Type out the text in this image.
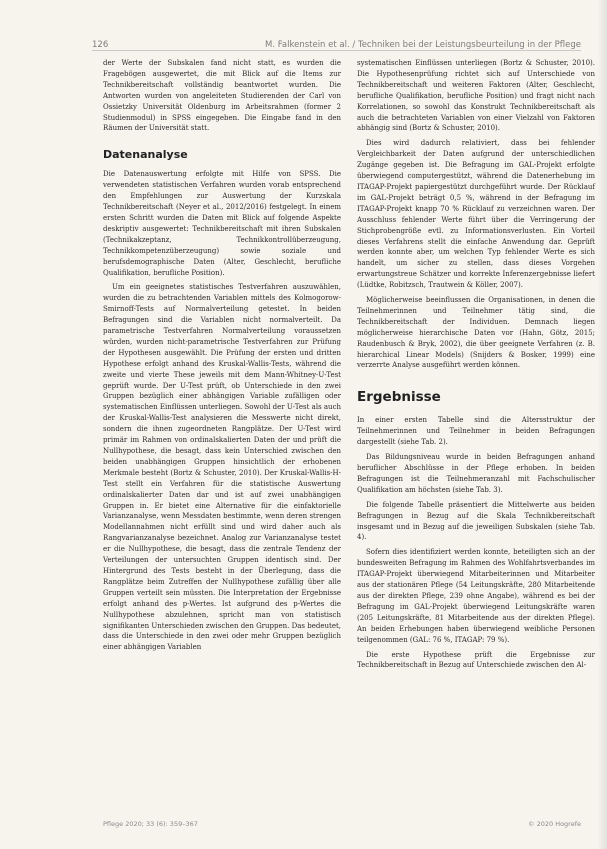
126	M. Falkenstein et al. / Techniken bei der Leistungsbeurteilung in der Pflege

der Werte der Subskalen fand nicht statt, es wurden die Fragebögen ausgewertet, die mit Blick auf die Items zur Technikbereitschaft vollständig beantwortet wurden. Die Antworten wurden von angeleiteten Studierenden der Carl von Ossietzky Universität Oldenburg im Arbeitsrahmen (former 2 Studienmodul) in SPSS eingegeben. Die Eingabe fand in den Räumen der Universität statt.

Datenanalyse

Die Datenauswertung erfolgte mit Hilfe von SPSS. Die verwendeten statistischen Verfahren wurden vorab entsprechend den Empfehlungen zur Auswertung der Kurzskala Technikbereitschaft (Neyer et al., 2012/2016) festgelegt. In einem ersten Schritt wurden die Daten mit Blick auf folgende Aspekte deskriptiv ausgewertet: Technikbereitschaft mit ihren Subskalen (Technikakzeptanz, Technikkontrollüberzeugung, Technikkompetenzüberzeugung) sowie soziale und berufsdemographische Daten (Alter, Geschlecht, berufliche Qualifikation, berufliche Position).

Um ein geeignetes statistisches Testverfahren auszuwählen, wurden die zu betrachtenden Variablen mittels des Kolmogorow-Smirnoff-Tests auf Normalverteilung getestet. In beiden Befragungen sind die Variablen nicht normalverteilt. Da parametrische Testverfahren Normalverteilung voraussetzen würden, wurden nicht-parametrische Testverfahren zur Prüfung der Hypothesen ausgewählt. Die Prüfung der ersten und dritten Hypothese erfolgt anhand des Kruskal-Wallis-Tests, während die zweite und vierte These jeweils mit dem Mann-Whitney-U-Test geprüft wurde. Der U-Test prüft, ob Unterschiede in den zwei Gruppen bezüglich einer abhängigen Variable zufälligen oder systematischen Einflüssen unterliegen. Sowohl der U-Test als auch der Kruskal-Wallis-Test analysieren die Messwerte nicht direkt, sondern die ihnen zugeordneten Rangplätze. Der U-Test wird primär im Rahmen von ordinalskalierten Daten der und prüft die Nullhypothese, die besagt, dass kein Unterschied zwischen den beiden unabhängigen Gruppen hinsichtlich der erhobenen Merkmale besteht (Bortz & Schuster, 2010). Der Kruskal-Wallis-H-Test stellt ein Verfahren für die statistische Auswertung ordinalskalierter Daten dar und ist auf zwei unabhängigen Gruppen in. Er bietet eine Alternative für die einfaktorielle Varianzanalyse, wenn Messdaten bestimmte, wenn deren strengen Modellannahmen nicht erfüllt sind und wird daher auch als Rangvarianzanalyse bezeichnet. Analog zur Varianzanalyse testet er die Nullhypothese, die besagt, dass die zentrale Tendenz der Verteilungen der untersuchten Gruppen identisch sind. Der Hintergrund des Tests besteht in der Überlegung, dass die Rangplätze beim Zutreffen der Nullhypothese zufällig über alle Gruppen verteilt sein müssten. Die Interpretation der Ergebnisse erfolgt anhand des p-Wertes. Ist aufgrund des p-Wertes die Nullhypothese abzulehnen, spricht man von statistisch signifikanten Unterschieden zwischen den Gruppen. Das bedeutet, dass die Unterschiede in den zwei oder mehr Gruppen bezüglich einer abhängigen Variablen

systematischen Einflüssen unterliegen (Bortz & Schuster, 2010). Die Hypothesenprüfung richtet sich auf Unterschiede von Technikbereitschaft und weiteren Faktoren (Alter, Geschlecht, berufliche Qualifikation, berufliche Position) und fragt nicht nach Korrelationen, so sowohl das Konstrukt Technikbereitschaft als auch die betrachteten Variablen von einer Vielzahl von Faktoren abhängig sind (Bortz & Schuster, 2010).

Dies wird dadurch relativiert, dass bei fehlender Vergleichbarkeit der Daten aufgrund der unterschiedlichen Zugänge gegeben ist. Die Befragung im GAL-Projekt erfolgte überwiegend computergestützt, während die Datenerhebung im ITAGAP-Projekt papiergestützt durchgeführt wurde. Der Rücklauf im GAL-Projekt beträgt 0,5 %, während in der Befragung im ITAGAP-Projekt knapp 70 % Rücklauf zu verzeichnen waren. Der Ausschluss fehlender Werte führt über die Verringerung der Stichprobengröße evtl. zu Informationsverlusten. Ein Vorteil dieses Verfahrens stellt die einfache Anwendung dar. Geprüft werden konnte aber, um welchen Typ fehlender Werte es sich handelt, um sicher zu stellen, dass dieses Vorgehen erwartungstreue Schätzer und korrekte Inferenzergebnisse liefert (Lüdtke, Robitzsch, Trautwein & Köller, 2007).

Möglicherweise beeinflussen die Organisationen, in denen die Teilnehmerinnen und Teilnehmer tätig sind, die Technikbereitschaft der Individuen. Demnach liegen möglicherweise hierarchische Daten vor (Hahn, Götz, 2015; Raudenbusch & Bryk, 2002), die über geeignete Verfahren (z. B. hierarchical Linear Models) (Snijders & Bosker, 1999) eine verzerrte Analyse ausgeführt werden können.

Ergebnisse

In einer ersten Tabelle sind die Altersstruktur der Teilnehmerinnen und Teilnehmer in beiden Befragungen dargestellt (siehe Tab. 2).

Das Bildungsniveau wurde in beiden Befragungen anhand beruflicher Abschlüsse in der Pflege erhoben. In beiden Befragungen ist die Teilnehmeranzahl mit Fachschulischer Qualifikation am höchsten (siehe Tab. 3).

Die folgende Tabelle präsentiert die Mittelwerte aus beiden Befragungen in Bezug auf die Skala Technikbereitschaft insgesamt und in Bezug auf die jeweiligen Subskalen (siehe Tab. 4).

Sofern dies identifiziert werden konnte, beteiligten sich an der bundesweiten Befragung im Rahmen des Wohlfahrtsverbandes im ITAGAP-Projekt überwiegend Mitarbeiterinnen und Mitarbeiter aus der stationären Pflege (54 Leitungskräfte, 280 Mitarbeitende aus der direkten Pflege, 239 ohne Angabe), während es bei der Befragung im GAL-Projekt überwiegend Leitungskräfte waren (205 Leitungskräfte, 81 Mitarbeitende aus der direkten Pflege). An beiden Erhebungen haben überwiegend weibliche Personen teilgenommen (GAL: 76 %, ITAGAP: 79 %).

Die erste Hypothese prüft die Ergebnisse zur Technikbereitschaft in Bezug auf Unterschiede zwischen den Al-

Pflege 2020; 33 (6): 359–367	© 2020 Hogrefe
